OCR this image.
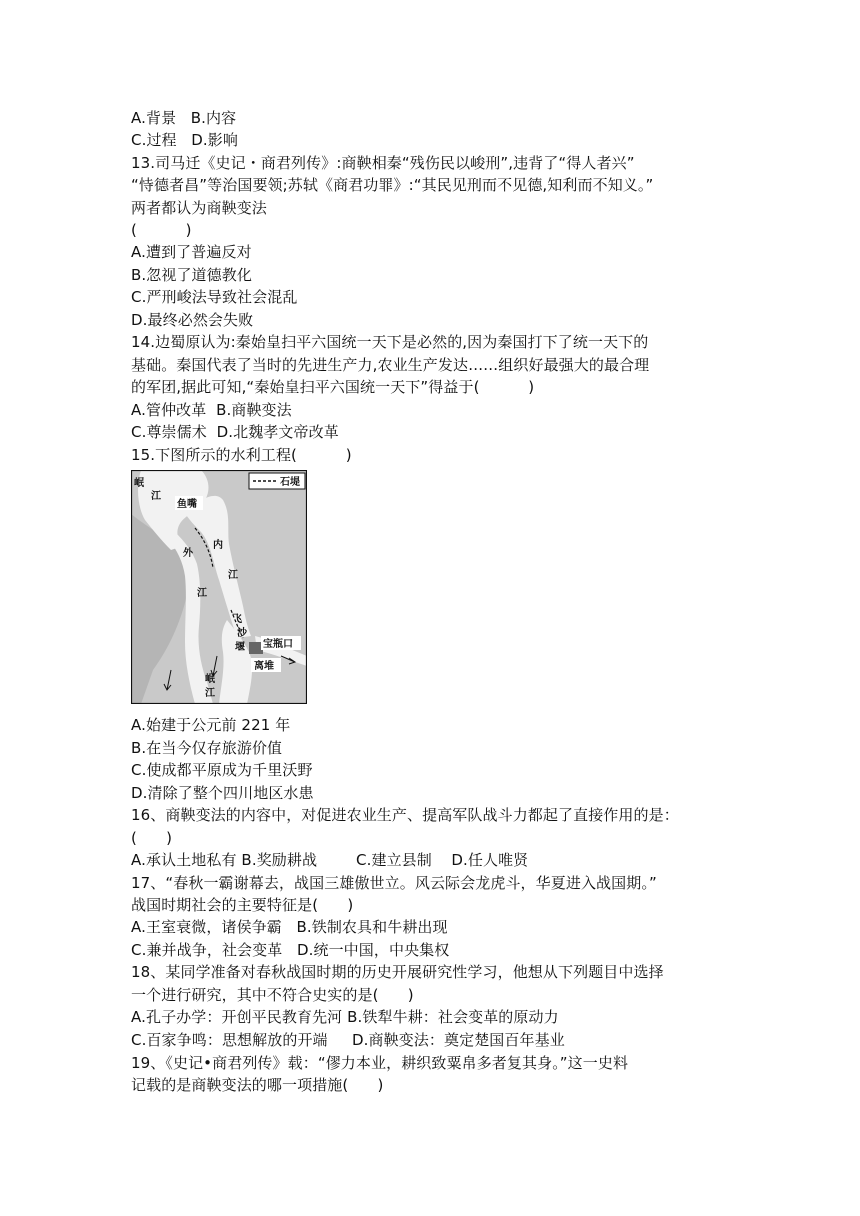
A.背景   B.内容
C.过程   D.影响
13.司马迁《史记・商君列传》:商鞅相秦“残伤民以峻刑”,违背了“得人者兴”
“恃德者昌”等治国要领;苏轼《商君功罪》:“其民见刑而不见德,知利而不知义。”
两者都认为商鞅变法
(          )
A.遭到了普遍反对
B.忽视了道德教化
C.严刑峻法导致社会混乱
D.最终必然会失败
14.边蜀原认为:秦始皇扫平六国统一天下是必然的,因为秦国打下了统一天下的
基础。秦国代表了当时的先进生产力,农业生产发达……组织好最强大的最合理
的军团,据此可知,“秦始皇扫平六国统一天下”得益于(          )
A.管仲改革  B.商鞅变法
C.尊崇儒术  D.北魏孝文帝改革
15.下图所示的水利工程(          )
A.始建于公元前 221 年
B.在当今仅存旅游价值
C.使成都平原成为千里沃野
D.清除了整个四川地区水患
16、商鞅变法的内容中，对促进农业生产、提高军队战斗力都起了直接作用的是：
(      )
A.承认土地私有 B.奖励耕战        C.建立县制    D.任人唯贤
17、“春秋一霸谢幕去，战国三雄傲世立。风云际会龙虎斗，华夏进入战国期。”
战国时期社会的主要特征是(      )
A.王室衰微，诸侯争霸   B.铁制农具和牛耕出现
C.兼并战争，社会变革   D.统一中国，中央集权
18、某同学准备对春秋战国时期的历史开展研究性学习，他想从下列题目中选择
一个进行研究，其中不符合史实的是(      )
A.孔子办学：开创平民教育先河 B.铁犁牛耕：社会变革的原动力
C.百家争鸣：思想解放的开端     D.商鞅变法：奠定楚国百年基业
19、《史记•商君列传》载：“僇力本业，耕织致粟帛多者复其身。”这一史料
记载的是商鞅变法的哪一项措施(      )
石堤
岷
江
鱼嘴
内
江
外
江
飞
沙
堰 宝瓶口
离堆
岷
江
